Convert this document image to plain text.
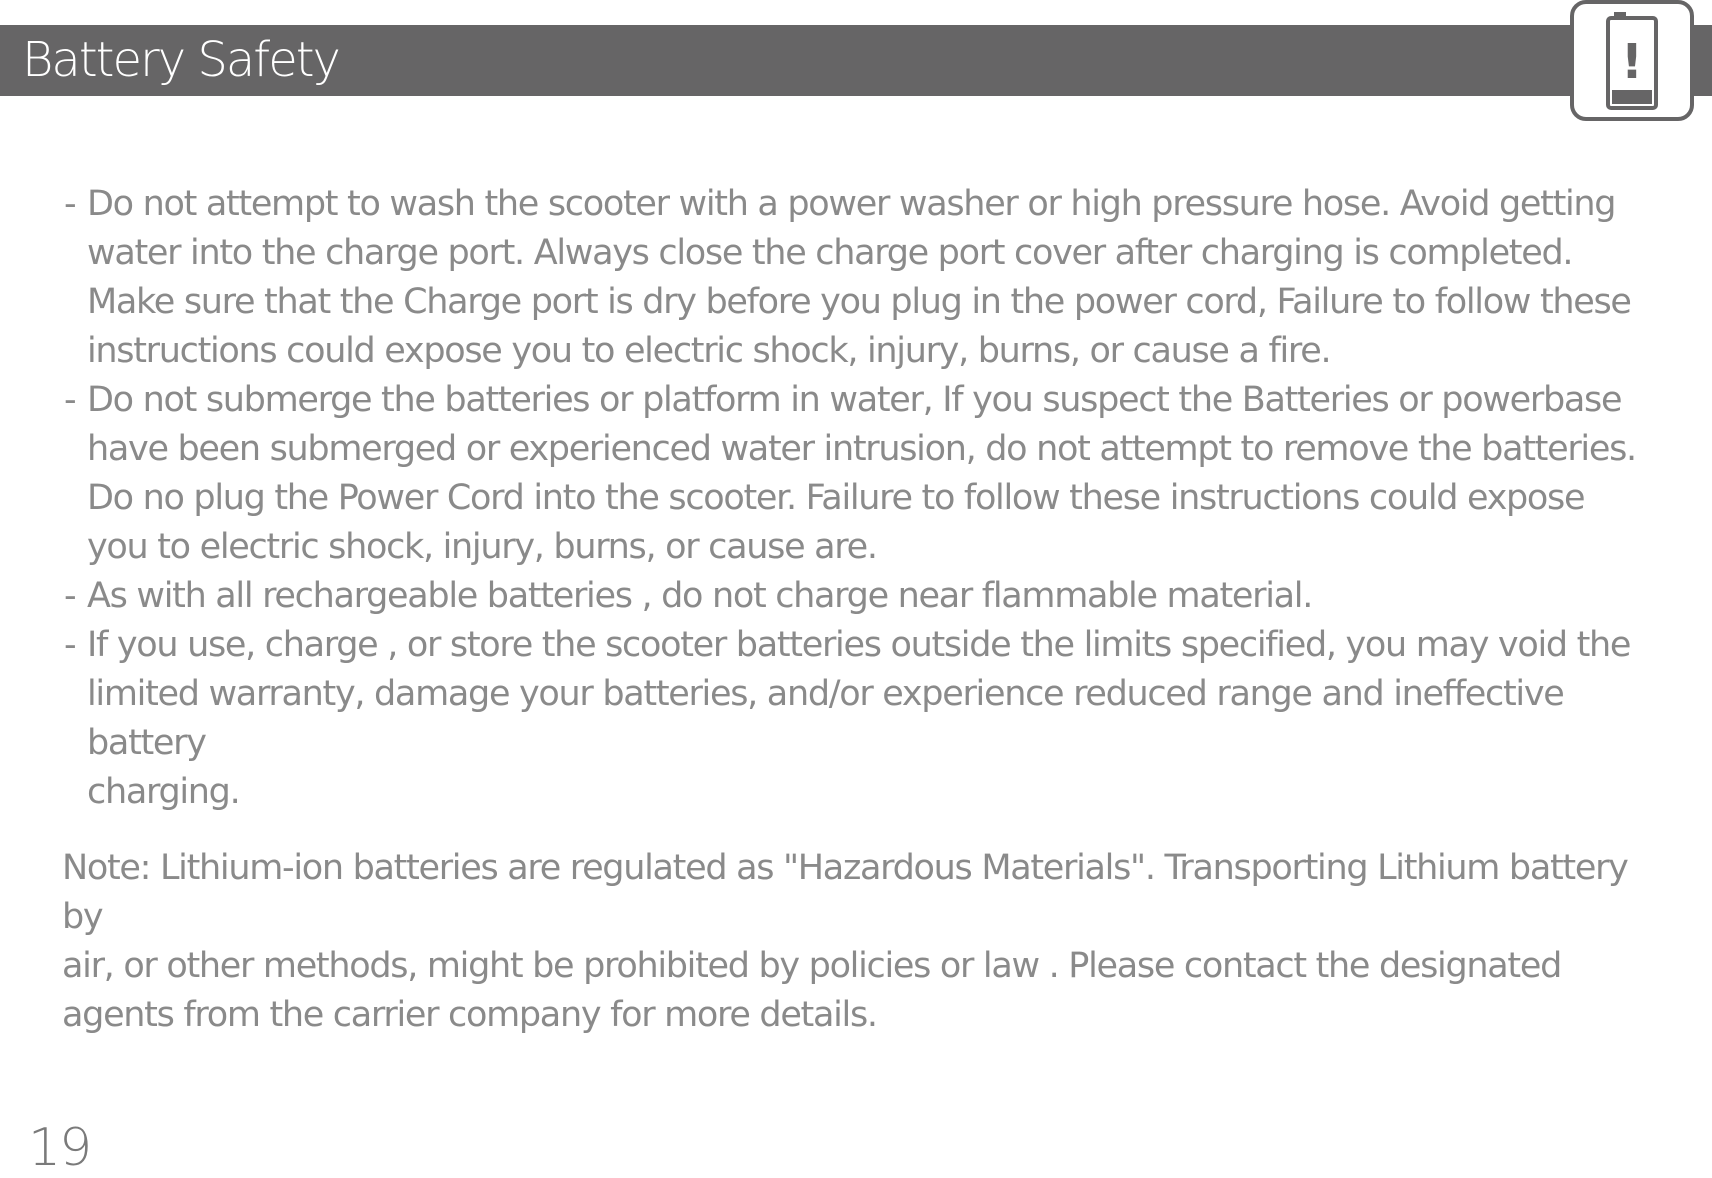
Battery Safety	!
- Do not attempt to wash the scooter with a power washer or high pressure hose. Avoid getting
water into the charge port. Always close the charge port cover after charging is completed.
Make sure that the Charge port is dry before you plug in the power cord, Failure to follow these
instructions could expose you to electric shock, injury, burns, or cause a fire.
- Do not submerge the batteries or platform in water, If you suspect the Batteries or powerbase
have been submerged or experienced water intrusion, do not attempt to remove the batteries.
Do no plug the Power Cord into the scooter. Failure to follow these instructions could expose
you to electric shock, injury, burns, or cause are.
- As with all rechargeable batteries , do not charge near flammable material.
- If you use, charge , or store the scooter batteries outside the limits specified, you may void the
limited warranty, damage your batteries, and/or experience reduced range and ineffective battery
charging.
Note: Lithium-ion batteries are regulated as "Hazardous Materials". Transporting Lithium battery by
air, or other methods, might be prohibited by policies or law . Please contact the designated
agents from the carrier company for more details.
19
